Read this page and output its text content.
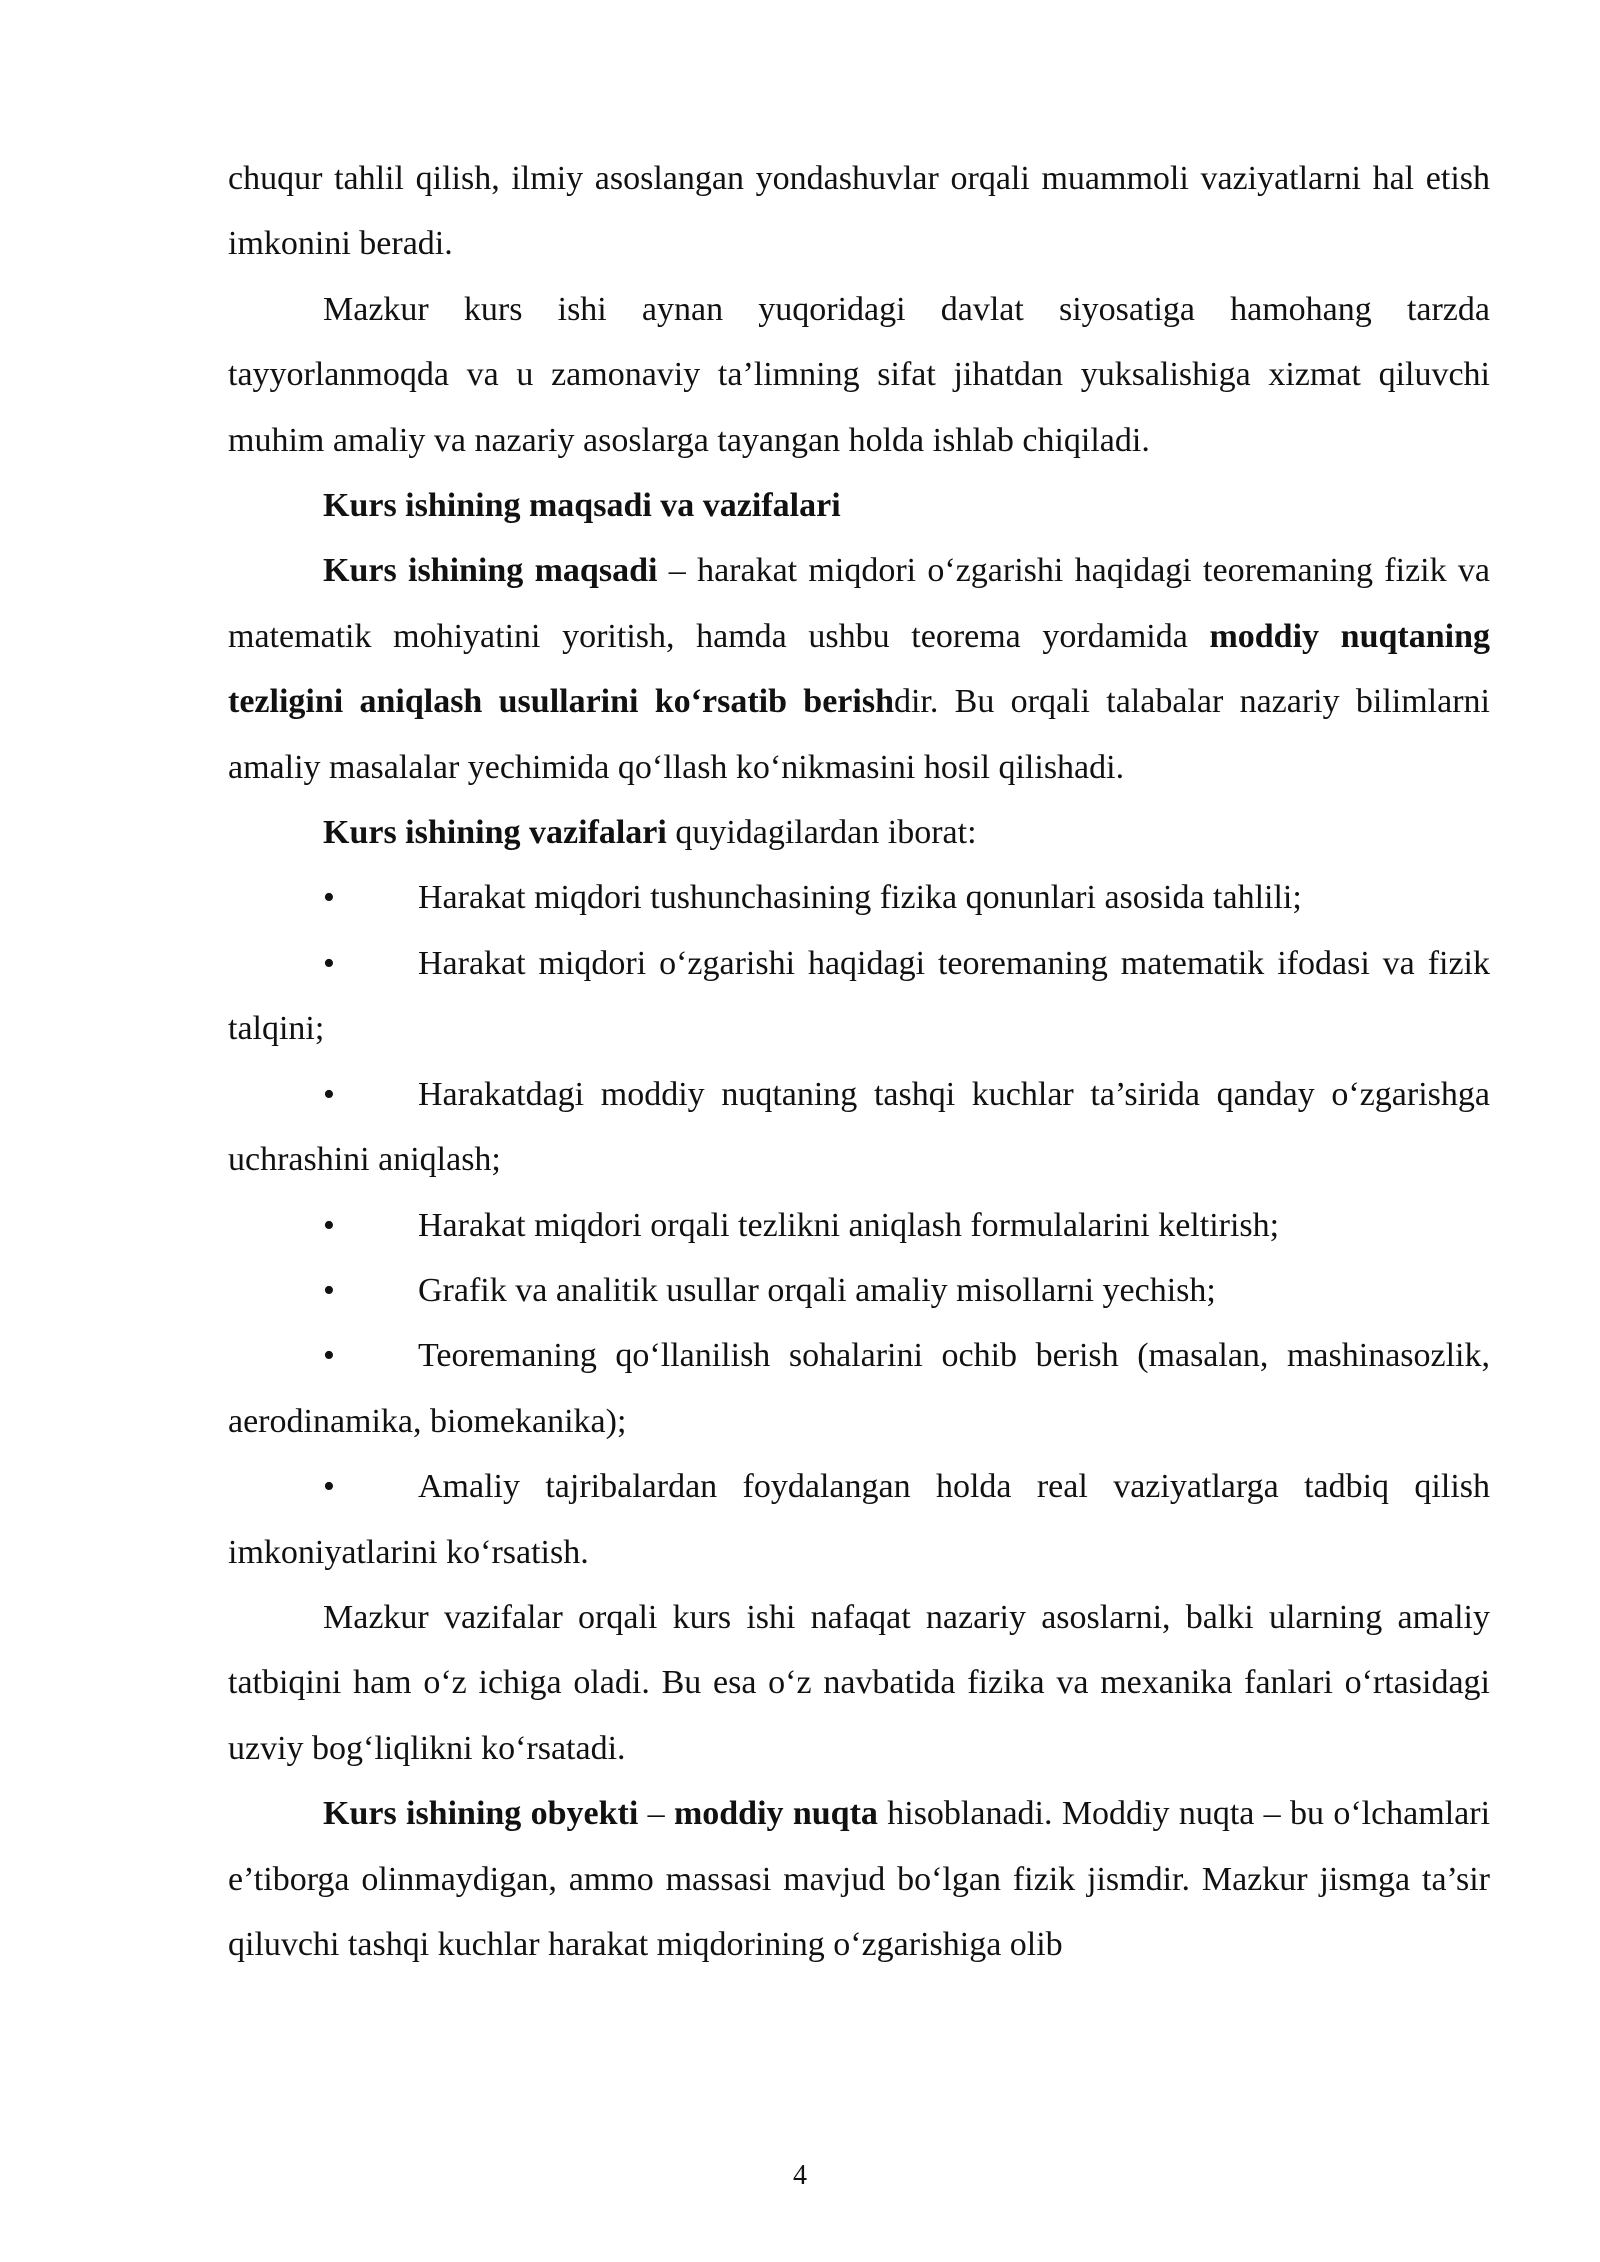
chuqur tahlil qilish, ilmiy asoslangan yondashuvlar orqali muammoli vaziyatlarni hal etish imkonini beradi.

Mazkur kurs ishi aynan yuqoridagi davlat siyosatiga hamohang tarzda tayyorlanmoqda va u zamonaviy ta’limning sifat jihatdan yuksalishiga xizmat qiluvchi muhim amaliy va nazariy asoslarga tayangan holda ishlab chiqiladi.

Kurs ishining maqsadi va vazifalari

Kurs ishining maqsadi – harakat miqdori o‘zgarishi haqidagi teoremaning fizik va matematik mohiyatini yoritish, hamda ushbu teorema yordamida moddiy nuqtaning tezligini aniqlash usullarini ko‘rsatib berishdir. Bu orqali talabalar nazariy bilimlarni amaliy masalalar yechimida qo‘llash ko‘nikmasini hosil qilishadi.

Kurs ishining vazifalari quyidagilardan iborat:

•	Harakat miqdori tushunchasining fizika qonunlari asosida tahlili;

•	Harakat miqdori o‘zgarishi haqidagi teoremaning matematik ifodasi va fizik talqini;

•	Harakatdagi moddiy nuqtaning tashqi kuchlar ta’sirida qanday o‘zgarishga uchrashini aniqlash;

•	Harakat miqdori orqali tezlikni aniqlash formulalarini keltirish;

•	Grafik va analitik usullar orqali amaliy misollarni yechish;

•	Teoremaning qo‘llanilish sohalarini ochib berish (masalan, mashinasozlik, aerodinamika, biomekanika);

•	Amaliy tajribalardan foydalangan holda real vaziyatlarga tadbiq qilish imkoniyatlarini ko‘rsatish.

Mazkur vazifalar orqali kurs ishi nafaqat nazariy asoslarni, balki ularning amaliy tatbiqini ham o‘z ichiga oladi. Bu esa o‘z navbatida fizika va mexanika fanlari o‘rtasidagi uzviy bog‘liqlikni ko‘rsatadi.

Kurs ishining obyekti – moddiy nuqta hisoblanadi. Moddiy nuqta – bu o‘lchamlari e’tiborga olinmaydigan, ammo massasi mavjud bo‘lgan fizik jismdir. Mazkur jismga ta’sir qiluvchi tashqi kuchlar harakat miqdorining o‘zgarishiga olib

4
